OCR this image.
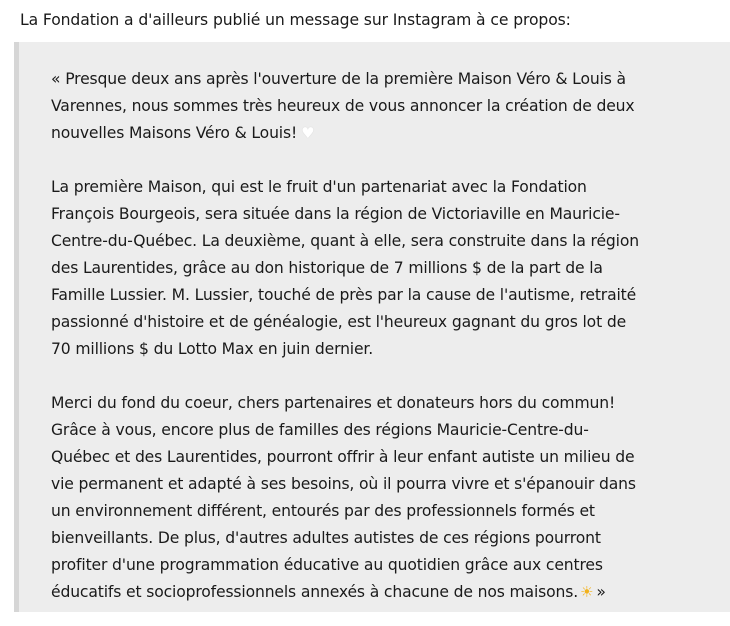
La Fondation a d'ailleurs publié un message sur Instagram à ce propos:

« Presque deux ans après l'ouverture de la première Maison Véro & Louis à
Varennes, nous sommes très heureux de vous annoncer la création de deux
nouvelles Maisons Véro & Louis! ♥

La première Maison, qui est le fruit d'un partenariat avec la Fondation
François Bourgeois, sera située dans la région de Victoriaville en Mauricie-
Centre-du-Québec. La deuxième, quant à elle, sera construite dans la région
des Laurentides, grâce au don historique de 7 millions $ de la part de la
Famille Lussier. M. Lussier, touché de près par la cause de l'autisme, retraité
passionné d'histoire et de généalogie, est l'heureux gagnant du gros lot de
70 millions $ du Lotto Max en juin dernier.

Merci du fond du coeur, chers partenaires et donateurs hors du commun!
Grâce à vous, encore plus de familles des régions Mauricie-Centre-du-
Québec et des Laurentides, pourront offrir à leur enfant autiste un milieu de
vie permanent et adapté à ses besoins, où il pourra vivre et s'épanouir dans
un environnement différent, entourés par des professionnels formés et
bienveillants. De plus, d'autres adultes autistes de ces régions pourront
profiter d'une programmation éducative au quotidien grâce aux centres
éducatifs et socioprofessionnels annexés à chacune de nos maisons. ☀ »
